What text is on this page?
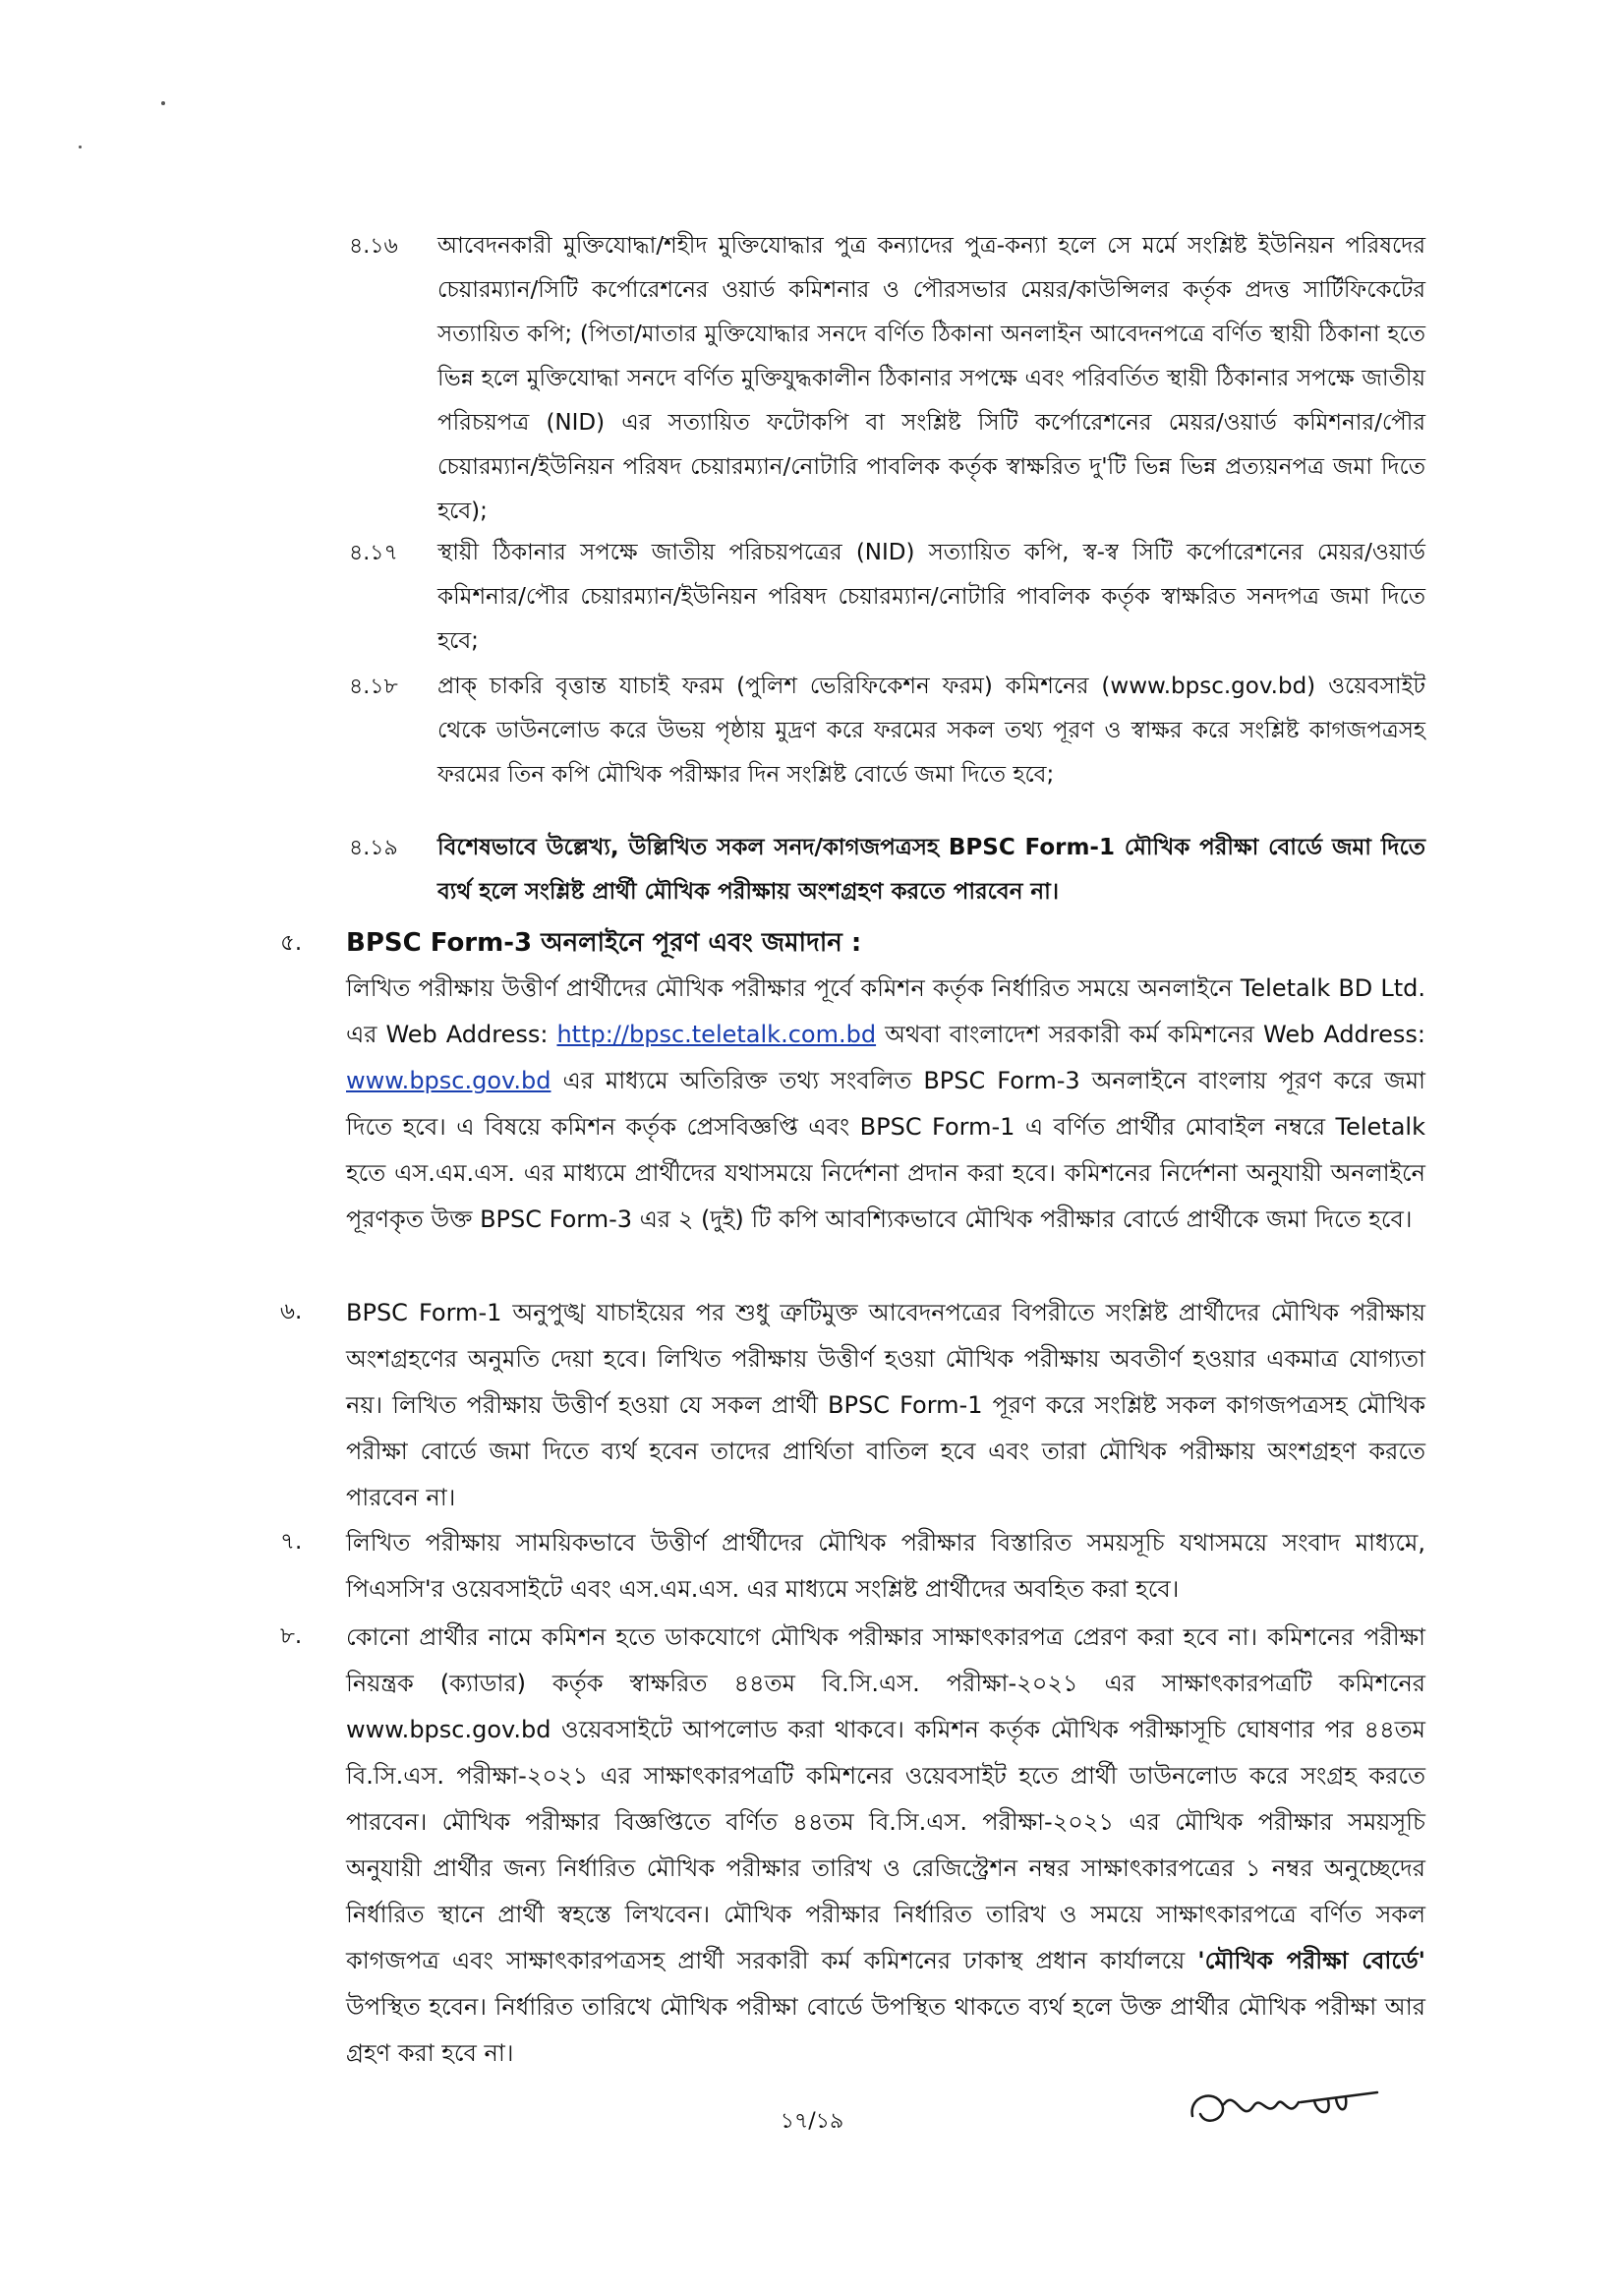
৪.১৬ আবেদনকারী মুক্তিযোদ্ধা/শহীদ মুক্তিযোদ্ধার পুত্র কন্যাদের পুত্র-কন্যা হলে সে মর্মে সংশ্লিষ্ট ইউনিয়ন পরিষদের চেয়ারম্যান/সিটি কর্পোরেশনের ওয়ার্ড কমিশনার ও পৌরসভার মেয়র/কাউন্সিলর কর্তৃক প্রদত্ত সার্টিফিকেটের সত্যায়িত কপি; (পিতা/মাতার মুক্তিযোদ্ধার সনদে বর্ণিত ঠিকানা অনলাইন আবেদনপত্রে বর্ণিত স্থায়ী ঠিকানা হতে ভিন্ন হলে মুক্তিযোদ্ধা সনদে বর্ণিত মুক্তিযুদ্ধকালীন ঠিকানার সপক্ষে এবং পরিবর্তিত স্থায়ী ঠিকানার সপক্ষে জাতীয় পরিচয়পত্র (NID) এর সত্যায়িত ফটোকপি বা সংশ্লিষ্ট সিটি কর্পোরেশনের মেয়র/ওয়ার্ড কমিশনার/পৌর চেয়ারম্যান/ইউনিয়ন পরিষদ চেয়ারম্যান/নোটারি পাবলিক কর্তৃক স্বাক্ষরিত দু'টি ভিন্ন ভিন্ন প্রত্যয়নপত্র জমা দিতে হবে);
৪.১৭ স্থায়ী ঠিকানার সপক্ষে জাতীয় পরিচয়পত্রের (NID) সত্যায়িত কপি, স্ব-স্ব সিটি কর্পোরেশনের মেয়র/ওয়ার্ড কমিশনার/পৌর চেয়ারম্যান/ইউনিয়ন পরিষদ চেয়ারম্যান/নোটারি পাবলিক কর্তৃক স্বাক্ষরিত সনদপত্র জমা দিতে হবে;
৪.১৮ প্রাক্ চাকরি বৃত্তান্ত যাচাই ফরম (পুলিশ ভেরিফিকেশন ফরম) কমিশনের (www.bpsc.gov.bd) ওয়েবসাইট থেকে ডাউনলোড করে উভয় পৃষ্ঠায় মুদ্রণ করে ফরমের সকল তথ্য পূরণ ও স্বাক্ষর করে সংশ্লিষ্ট কাগজপত্রসহ ফরমের তিন কপি মৌখিক পরীক্ষার দিন সংশ্লিষ্ট বোর্ডে জমা দিতে হবে;
৪.১৯ বিশেষভাবে উল্লেখ্য, উল্লিখিত সকল সনদ/কাগজপত্রসহ BPSC Form-1 মৌখিক পরীক্ষা বোর্ডে জমা দিতে ব্যর্থ হলে সংশ্লিষ্ট প্রার্থী মৌখিক পরীক্ষায় অংশগ্রহণ করতে পারবেন না।
৫. BPSC Form-3 অনলাইনে পূরণ এবং জমাদান :
লিখিত পরীক্ষায় উত্তীর্ণ প্রার্থীদের মৌখিক পরীক্ষার পূর্বে কমিশন কর্তৃক নির্ধারিত সময়ে অনলাইনে Teletalk BD Ltd. এর Web Address: http://bpsc.teletalk.com.bd অথবা বাংলাদেশ সরকারী কর্ম কমিশনের Web Address: www.bpsc.gov.bd এর মাধ্যমে অতিরিক্ত তথ্য সংবলিত BPSC Form-3 অনলাইনে বাংলায় পূরণ করে জমা দিতে হবে। এ বিষয়ে কমিশন কর্তৃক প্রেসবিজ্ঞপ্তি এবং BPSC Form-1 এ বর্ণিত প্রার্থীর মোবাইল নম্বরে Teletalk হতে এস.এম.এস. এর মাধ্যমে প্রার্থীদের যথাসময়ে নির্দেশনা প্রদান করা হবে। কমিশনের নির্দেশনা অনুযায়ী অনলাইনে পূরণকৃত উক্ত BPSC Form-3 এর ২ (দুই) টি কপি আবশ্যিকভাবে মৌখিক পরীক্ষার বোর্ডে প্রার্থীকে জমা দিতে হবে।
৬. BPSC Form-1 অনুপুঙ্খ যাচাইয়ের পর শুধু ত্রুটিমুক্ত আবেদনপত্রের বিপরীতে সংশ্লিষ্ট প্রার্থীদের মৌখিক পরীক্ষায় অংশগ্রহণের অনুমতি দেয়া হবে। লিখিত পরীক্ষায় উত্তীর্ণ হওয়া মৌখিক পরীক্ষায় অবতীর্ণ হওয়ার একমাত্র যোগ্যতা নয়। লিখিত পরীক্ষায় উত্তীর্ণ হওয়া যে সকল প্রার্থী BPSC Form-1 পূরণ করে সংশ্লিষ্ট সকল কাগজপত্রসহ মৌখিক পরীক্ষা বোর্ডে জমা দিতে ব্যর্থ হবেন তাদের প্রার্থিতা বাতিল হবে এবং তারা মৌখিক পরীক্ষায় অংশগ্রহণ করতে পারবেন না।
৭. লিখিত পরীক্ষায় সাময়িকভাবে উত্তীর্ণ প্রার্থীদের মৌখিক পরীক্ষার বিস্তারিত সময়সূচি যথাসময়ে সংবাদ মাধ্যমে, পিএসসি'র ওয়েবসাইটে এবং এস.এম.এস. এর মাধ্যমে সংশ্লিষ্ট প্রার্থীদের অবহিত করা হবে।
৮. কোনো প্রার্থীর নামে কমিশন হতে ডাকযোগে মৌখিক পরীক্ষার সাক্ষাৎকারপত্র প্রেরণ করা হবে না। কমিশনের পরীক্ষা নিয়ন্ত্রক (ক্যাডার) কর্তৃক স্বাক্ষরিত ৪৪তম বি.সি.এস. পরীক্ষা-২০২১ এর সাক্ষাৎকারপত্রটি কমিশনের www.bpsc.gov.bd ওয়েবসাইটে আপলোড করা থাকবে। কমিশন কর্তৃক মৌখিক পরীক্ষাসূচি ঘোষণার পর ৪৪তম বি.সি.এস. পরীক্ষা-২০২১ এর সাক্ষাৎকারপত্রটি কমিশনের ওয়েবসাইট হতে প্রার্থী ডাউনলোড করে সংগ্রহ করতে পারবেন। মৌখিক পরীক্ষার বিজ্ঞপ্তিতে বর্ণিত ৪৪তম বি.সি.এস. পরীক্ষা-২০২১ এর মৌখিক পরীক্ষার সময়সূচি অনুযায়ী প্রার্থীর জন্য নির্ধারিত মৌখিক পরীক্ষার তারিখ ও রেজিস্ট্রেশন নম্বর সাক্ষাৎকারপত্রের ১ নম্বর অনুচ্ছেদের নির্ধারিত স্থানে প্রার্থী স্বহস্তে লিখবেন। মৌখিক পরীক্ষার নির্ধারিত তারিখ ও সময়ে সাক্ষাৎকারপত্রে বর্ণিত সকল কাগজপত্র এবং সাক্ষাৎকারপত্রসহ প্রার্থী সরকারী কর্ম কমিশনের ঢাকাস্থ প্রধান কার্যালয়ে 'মৌখিক পরীক্ষা বোর্ডে' উপস্থিত হবেন। নির্ধারিত তারিখে মৌখিক পরীক্ষা বোর্ডে উপস্থিত থাকতে ব্যর্থ হলে উক্ত প্রার্থীর মৌখিক পরীক্ষা আর গ্রহণ করা হবে না।
১৭/১৯
